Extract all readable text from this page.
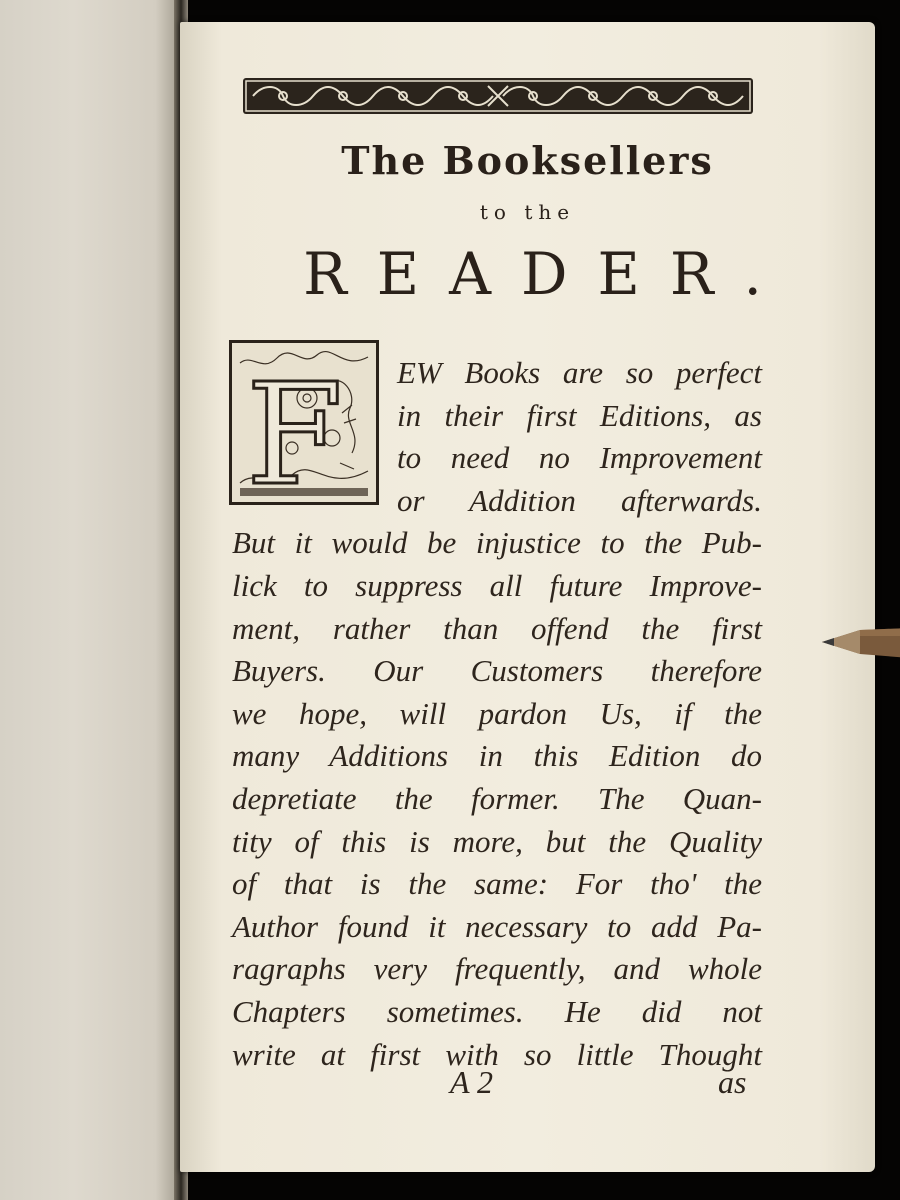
The Booksellers
to the
READER.
F EW Books are so perfect
in their first Editions, as
to need no Improvement
or Addition afterwards.
But it would be injustice to the Pub-
lick to suppress all future Improve-
ment, rather than offend the first
Buyers. Our Customers therefore
we hope, will pardon Us, if the
many Additions in this Edition do
depretiate the former. The Quan-
tity of this is more, but the Quality
of that is the same: For tho' the
Author found it necessary to add Pa-
ragraphs very frequently, and whole
Chapters sometimes. He did not
write at first with so little Thought
A 2	as
